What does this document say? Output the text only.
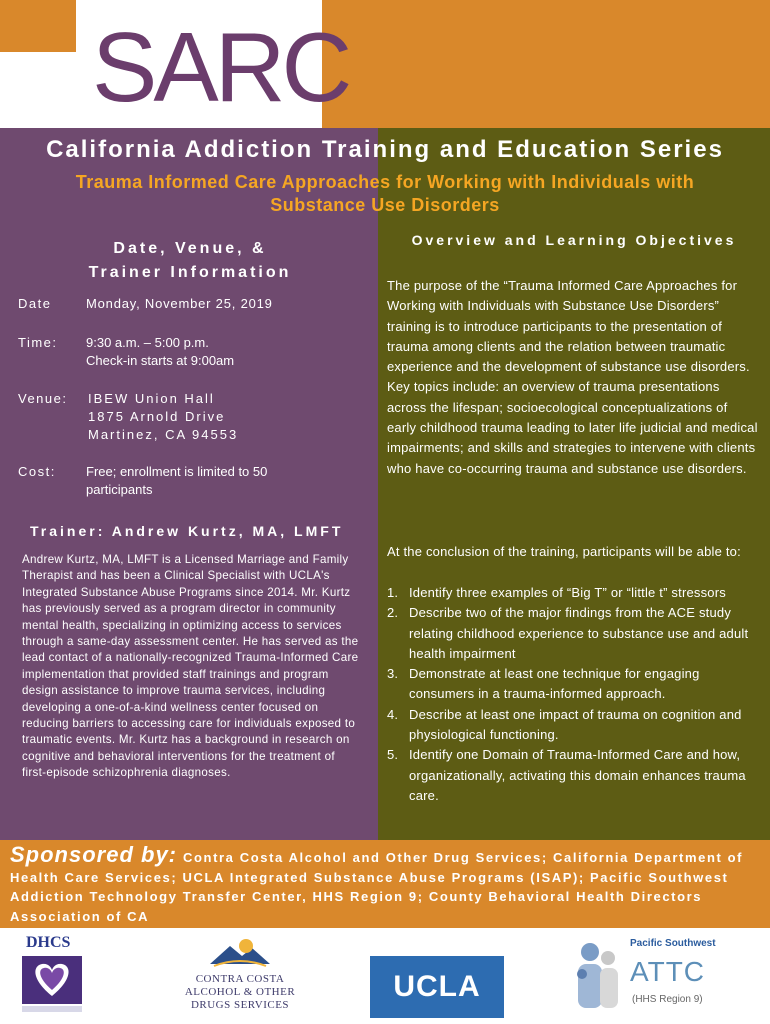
SARC
California Addiction Training and Education Series
Trauma Informed Care Approaches for Working with Individuals with
Substance Use Disorders
Date, Venue, &
Trainer Information
Date	Monday, November 25, 2019
Time:	9:30 a.m. – 5:00 p.m.
Check-in starts at 9:00am
Venue:	IBEW Union Hall
1875 Arnold Drive
Martinez, CA 94553
Cost:	Free; enrollment is limited to 50
participants
Trainer: Andrew Kurtz, MA, LMFT
Andrew Kurtz, MA, LMFT is a Licensed Marriage and Family Therapist and has been a Clinical Specialist with UCLA's Integrated Substance Abuse Programs since 2014. Mr. Kurtz has previously served as a program director in community mental health, specializing in optimizing access to services through a same-day assessment center. He has served as the lead contact of a nationally-recognized Trauma-Informed Care implementation that provided staff trainings and program design assistance to improve trauma services, including developing a one-of-a-kind wellness center focused on reducing barriers to accessing care for individuals exposed to traumatic events. Mr. Kurtz has a background in research on cognitive and behavioral interventions for the treatment of first-episode schizophrenia diagnoses.
Overview and Learning Objectives
The purpose of the “Trauma Informed Care Approaches for Working with Individuals with Substance Use Disorders” training is to introduce participants to the presentation of trauma among clients and the relation between traumatic experience and the development of substance use disorders. Key topics include: an overview of trauma presentations across the lifespan; socioecological conceptualizations of early childhood trauma leading to later life judicial and medical impairments; and skills and strategies to intervene with clients who have co-occurring trauma and substance use disorders.
At the conclusion of the training, participants will be able to:
1. Identify three examples of “Big T” or “little t” stressors
2. Describe two of the major findings from the ACE study relating childhood experience to substance use and adult health impairment
3. Demonstrate at least one technique for engaging consumers in a trauma-informed approach.
4. Describe at least one impact of trauma on cognition and physiological functioning.
5. Identify one Domain of Trauma-Informed Care and how, organizationally, activating this domain enhances trauma care.
Sponsored by: Contra Costa Alcohol and Other Drug Services; California Department of Health Care Services; UCLA Integrated Substance Abuse Programs (ISAP); Pacific Southwest Addiction Technology Transfer Center, HHS Region 9; County Behavioral Health Directors Association of CA
DHCS
CONTRA COSTA
ALCOHOL & OTHER
DRUGS SERVICES
UCLA
Pacific Southwest
ATTC
(HHS Region 9)
